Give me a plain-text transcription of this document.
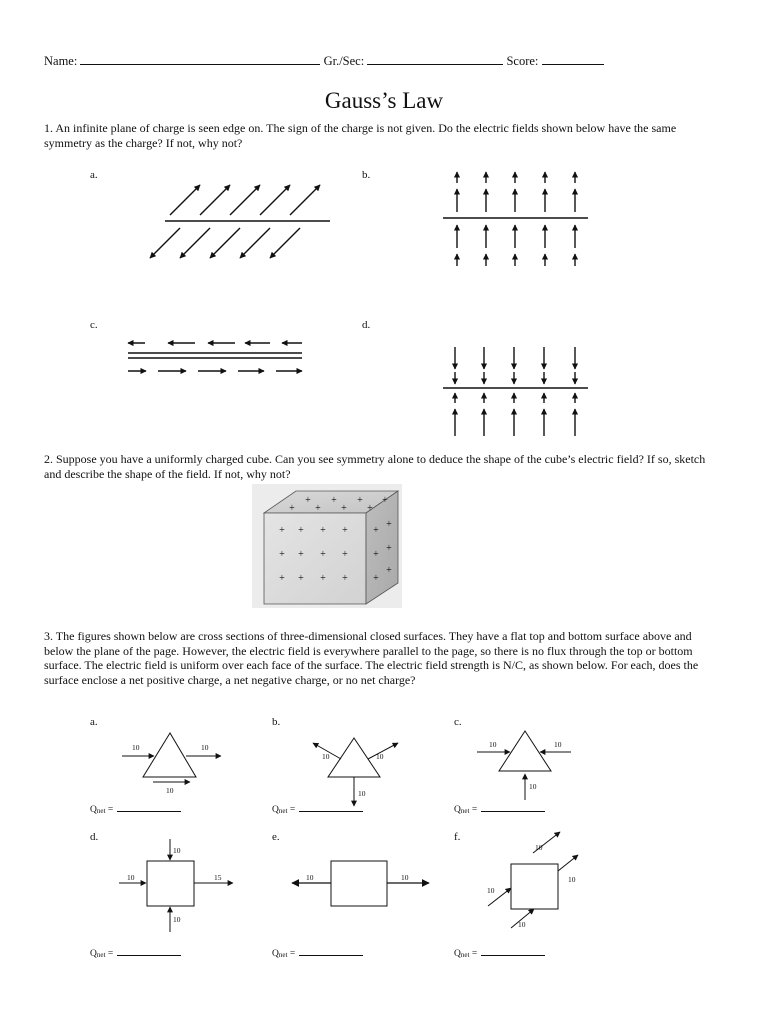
Name:	Gr./Sec:	Score:
Gauss’s Law
1. An infinite plane of charge is seen edge on. The sign of the charge is not given. Do the electric fields shown below have the same symmetry as the charge? If not, why not?
a.	b.
c.	d.
2. Suppose you have a uniformly charged cube. Can you see symmetry alone to deduce the shape of the cube’s electric field? If so, sketch and describe the shape of the field. If not, why not?
3. The figures shown below are cross sections of three-dimensional closed surfaces. They have a flat top and bottom surface above and below the plane of the page. However, the electric field is everywhere parallel to the page, so there is no flux through the top or bottom surface. The electric field is uniform over each face of the surface. The electric field strength is N/C, as shown below. For each, does the surface enclose a net positive charge, a net negative charge, or no net charge?
a.	b.	c.
d.	e.	f.
$Q_{net}$ =	$Q_{net}$ =	$Q_{net}$ =
$Q_{net}$ =	$Q_{net}$ =	$Q_{net}$ =
+ + + +
+ + + +
+ + + +
+ + + +
+ + + +
+
+
+
+
+
+
10	10
10
10	10
10
10	10
10
10
10	15
10
10	10
10
10
10
10
